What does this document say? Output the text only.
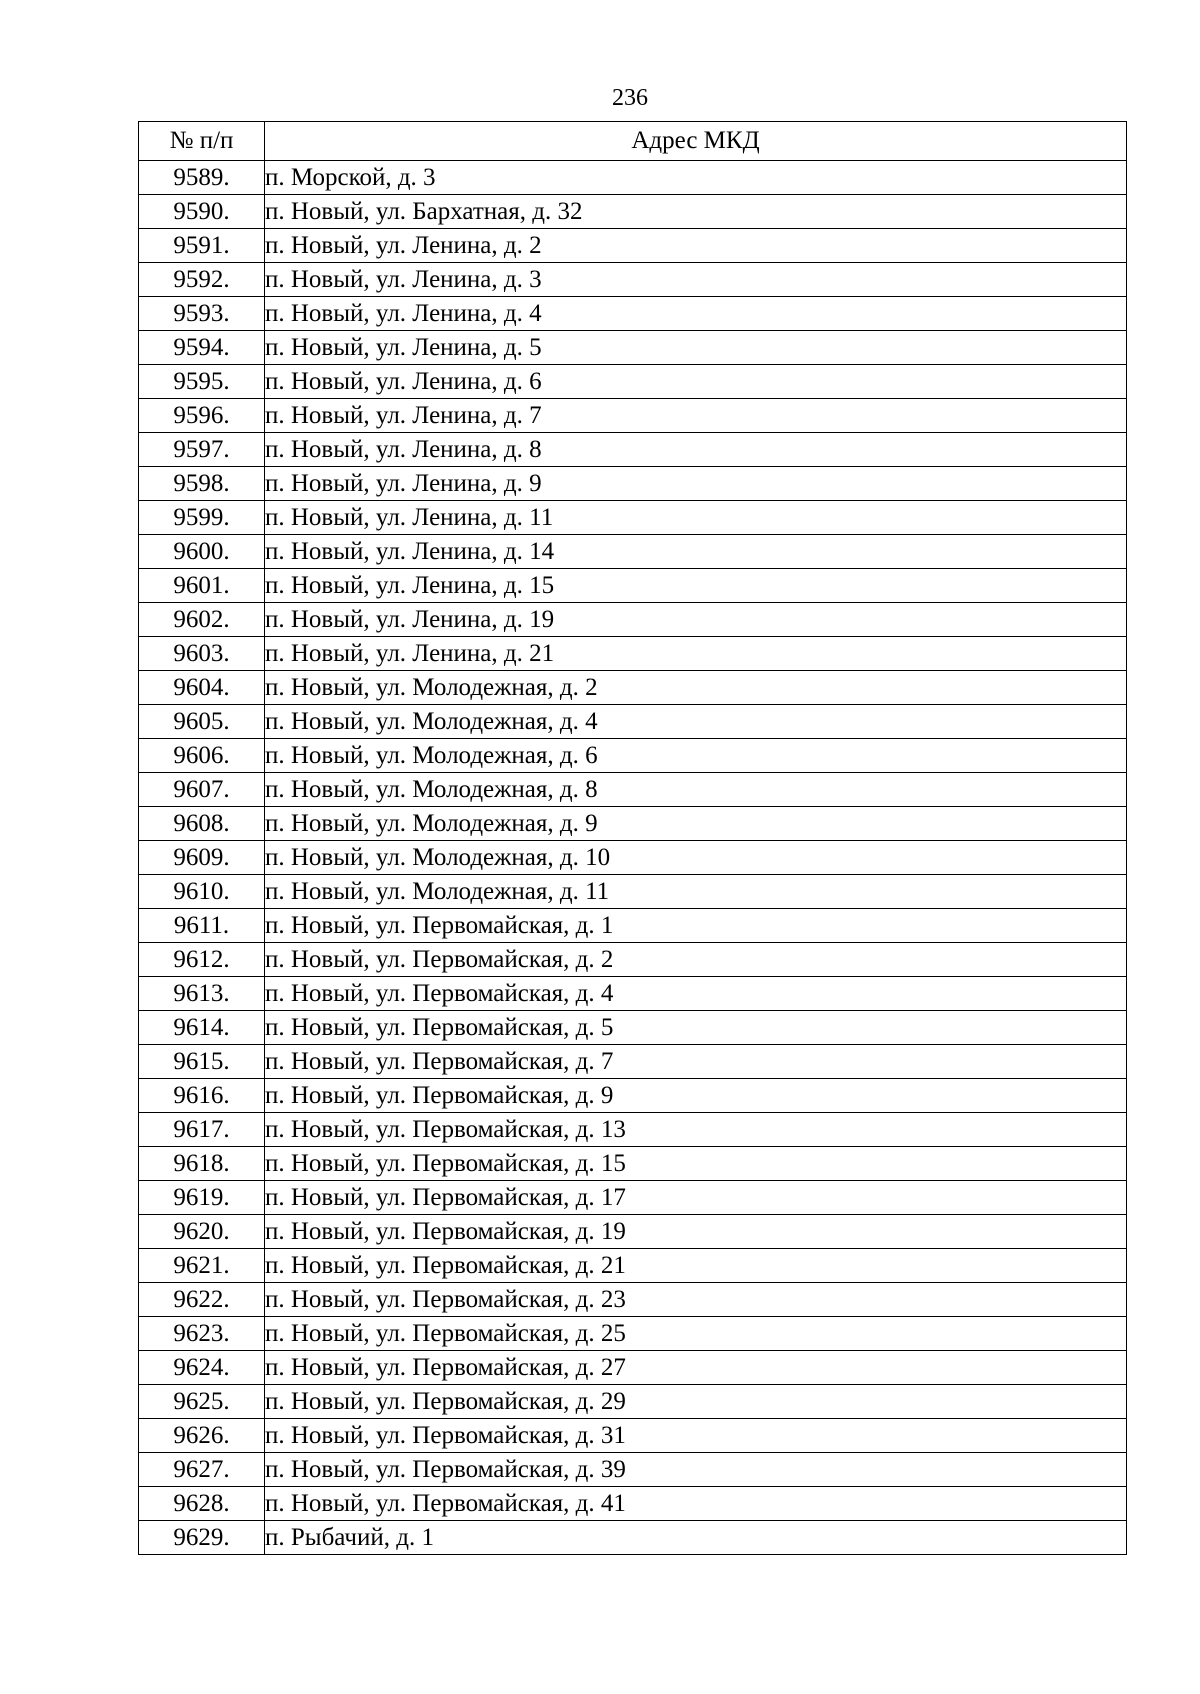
236
№ п/п	Адрес МКД
9589.	п. Морской, д. 3
9590.	п. Новый, ул. Бархатная, д. 32
9591.	п. Новый, ул. Ленина, д. 2
9592.	п. Новый, ул. Ленина, д. 3
9593.	п. Новый, ул. Ленина, д. 4
9594.	п. Новый, ул. Ленина, д. 5
9595.	п. Новый, ул. Ленина, д. 6
9596.	п. Новый, ул. Ленина, д. 7
9597.	п. Новый, ул. Ленина, д. 8
9598.	п. Новый, ул. Ленина, д. 9
9599.	п. Новый, ул. Ленина, д. 11
9600.	п. Новый, ул. Ленина, д. 14
9601.	п. Новый, ул. Ленина, д. 15
9602.	п. Новый, ул. Ленина, д. 19
9603.	п. Новый, ул. Ленина, д. 21
9604.	п. Новый, ул. Молодежная, д. 2
9605.	п. Новый, ул. Молодежная, д. 4
9606.	п. Новый, ул. Молодежная, д. 6
9607.	п. Новый, ул. Молодежная, д. 8
9608.	п. Новый, ул. Молодежная, д. 9
9609.	п. Новый, ул. Молодежная, д. 10
9610.	п. Новый, ул. Молодежная, д. 11
9611.	п. Новый, ул. Первомайская, д. 1
9612.	п. Новый, ул. Первомайская, д. 2
9613.	п. Новый, ул. Первомайская, д. 4
9614.	п. Новый, ул. Первомайская, д. 5
9615.	п. Новый, ул. Первомайская, д. 7
9616.	п. Новый, ул. Первомайская, д. 9
9617.	п. Новый, ул. Первомайская, д. 13
9618.	п. Новый, ул. Первомайская, д. 15
9619.	п. Новый, ул. Первомайская, д. 17
9620.	п. Новый, ул. Первомайская, д. 19
9621.	п. Новый, ул. Первомайская, д. 21
9622.	п. Новый, ул. Первомайская, д. 23
9623.	п. Новый, ул. Первомайская, д. 25
9624.	п. Новый, ул. Первомайская, д. 27
9625.	п. Новый, ул. Первомайская, д. 29
9626.	п. Новый, ул. Первомайская, д. 31
9627.	п. Новый, ул. Первомайская, д. 39
9628.	п. Новый, ул. Первомайская, д. 41
9629.	п. Рыбачий, д. 1
